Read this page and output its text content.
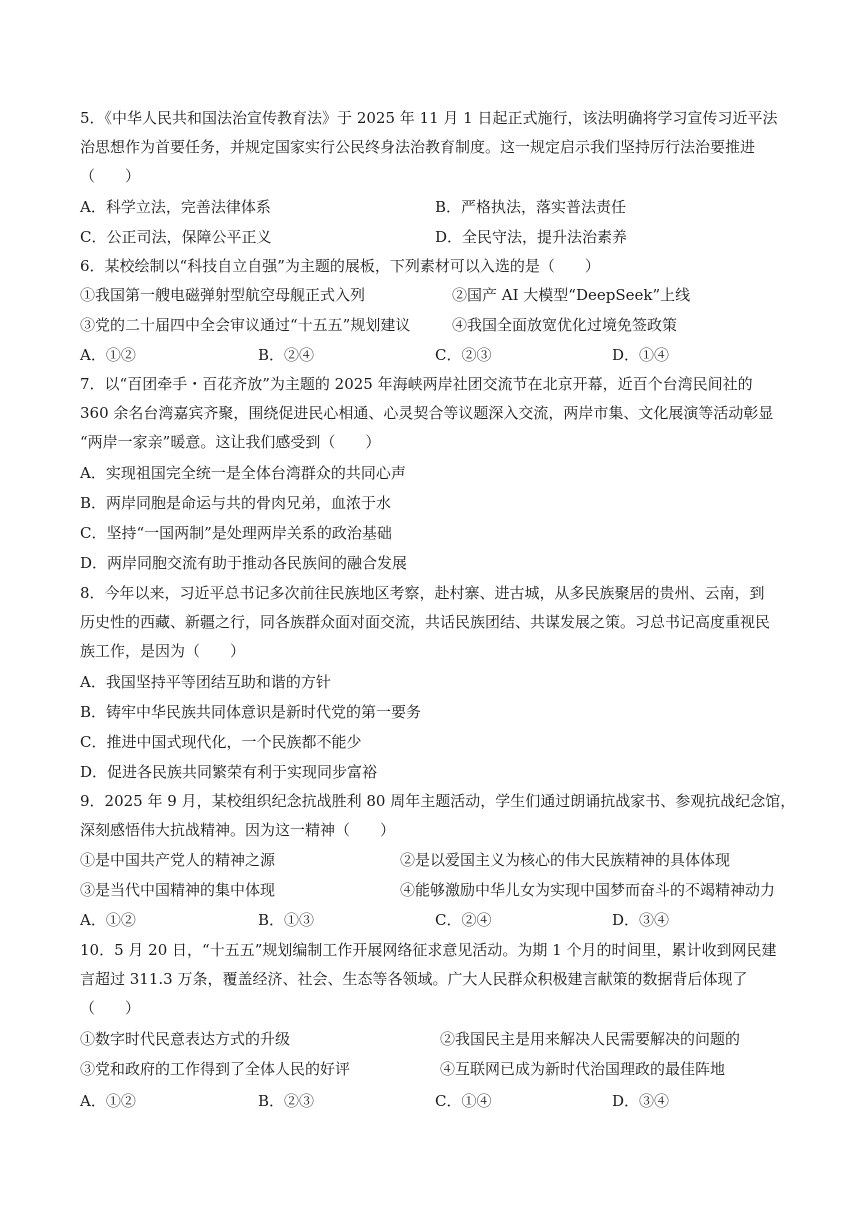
5．《中华人民共和国法治宣传教育法》于 2025 年 11 月 1 日起正式施行，该法明确将学习宣传习近平法
治思想作为首要任务，并规定国家实行公民终身法治教育制度。这一规定启示我们坚持厉行法治要推进
（　　）
A．科学立法，完善法律体系	B．严格执法，落实普法责任
C．公正司法，保障公平正义	D．全民守法，提升法治素养
6．某校绘制以“科技自立自强”为主题的展板，下列素材可以入选的是（　　）
①我国第一艘电磁弹射型航空母舰正式入列	②国产 AI 大模型“DeepSeek”上线
③党的二十届四中全会审议通过“十五五”规划建议	④我国全面放宽优化过境免签政策
A．①②	B．②④	C．②③	D．①④
7．以“百团牵手・百花齐放”为主题的 2025 年海峡两岸社团交流节在北京开幕，近百个台湾民间社的
360 余名台湾嘉宾齐聚，围绕促进民心相通、心灵契合等议题深入交流，两岸市集、文化展演等活动彰显
“两岸一家亲”暖意。这让我们感受到（　　）
A．实现祖国完全统一是全体台湾群众的共同心声
B．两岸同胞是命运与共的骨肉兄弟，血浓于水
C．坚持“一国两制”是处理两岸关系的政治基础
D．两岸同胞交流有助于推动各民族间的融合发展
8．今年以来，习近平总书记多次前往民族地区考察，赴村寨、进古城，从多民族聚居的贵州、云南，到
历史性的西藏、新疆之行，同各族群众面对面交流，共话民族团结、共谋发展之策。习总书记高度重视民
族工作，是因为（　　）
A．我国坚持平等团结互助和谐的方针
B．铸牢中华民族共同体意识是新时代党的第一要务
C．推进中国式现代化，一个民族都不能少
D．促进各民族共同繁荣有利于实现同步富裕
9．2025 年 9 月，某校组织纪念抗战胜利 80 周年主题活动，学生们通过朗诵抗战家书、参观抗战纪念馆，
深刻感悟伟大抗战精神。因为这一精神（　　）
①是中国共产党人的精神之源	②是以爱国主义为核心的伟大民族精神的具体体现
③是当代中国精神的集中体现	④能够激励中华儿女为实现中国梦而奋斗的不竭精神动力
A．①②	B．①③	C．②④	D．③④
10．5 月 20 日，“十五五”规划编制工作开展网络征求意见活动。为期 1 个月的时间里，累计收到网民建
言超过 311.3 万条，覆盖经济、社会、生态等各领域。广大人民群众积极建言献策的数据背后体现了
（　　）
①数字时代民意表达方式的升级	②我国民主是用来解决人民需要解决的问题的
③党和政府的工作得到了全体人民的好评	④互联网已成为新时代治国理政的最佳阵地
A．①②	B．②③	C．①④	D．③④
